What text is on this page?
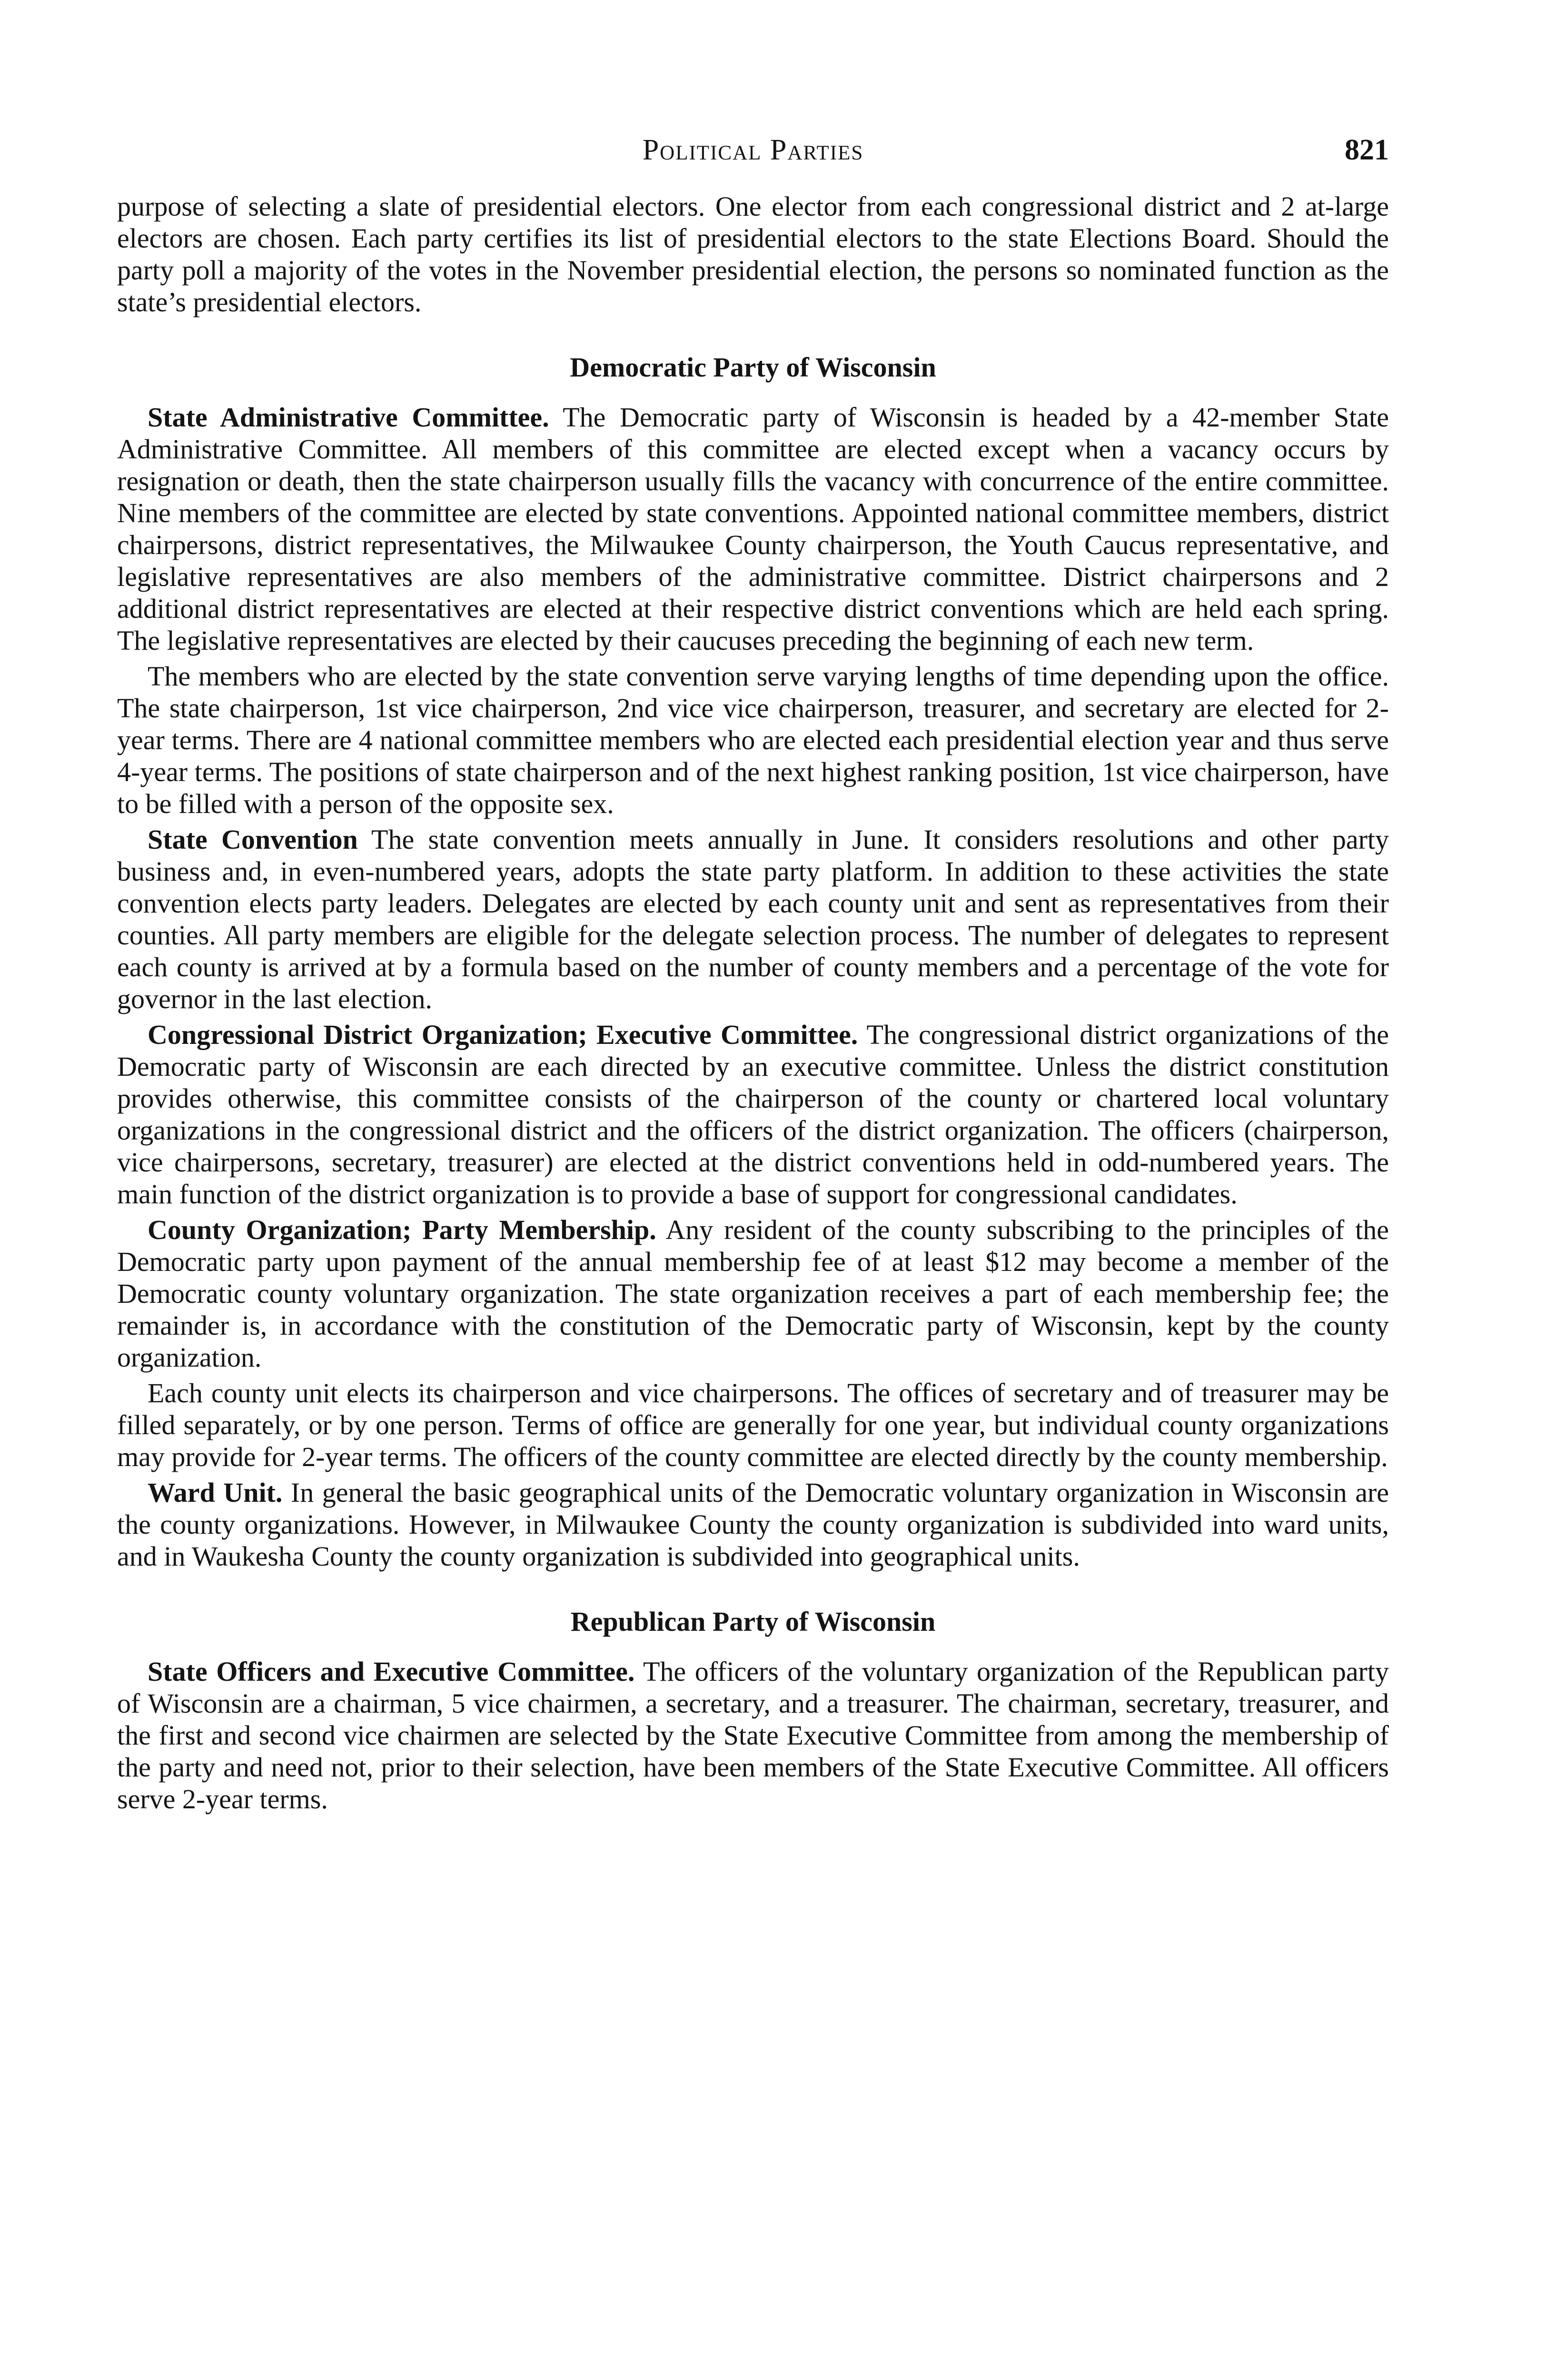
Political Parties	821

purpose of selecting a slate of presidential electors. One elector from each congressional district and 2 at-large electors are chosen. Each party certifies its list of presidential electors to the state Elections Board. Should the party poll a majority of the votes in the November presidential election, the persons so nominated function as the state’s presidential electors.

Democratic Party of Wisconsin

State Administrative Committee. The Democratic party of Wisconsin is headed by a 42-member State Administrative Committee. All members of this committee are elected except when a vacancy occurs by resignation or death, then the state chairperson usually fills the vacancy with concurrence of the entire committee. Nine members of the committee are elected by state conventions. Appointed national committee members, district chairpersons, district representatives, the Milwaukee County chairperson, the Youth Caucus representative, and legislative representatives are also members of the administrative committee. District chairpersons and 2 additional district representatives are elected at their respective district conventions which are held each spring. The legislative representatives are elected by their caucuses preceding the beginning of each new term.

The members who are elected by the state convention serve varying lengths of time depending upon the office. The state chairperson, 1st vice chairperson, 2nd vice vice chairperson, treasurer, and secretary are elected for 2-year terms. There are 4 national committee members who are elected each presidential election year and thus serve 4-year terms. The positions of state chairperson and of the next highest ranking position, 1st vice chairperson, have to be filled with a person of the opposite sex.

State Convention The state convention meets annually in June. It considers resolutions and other party business and, in even-numbered years, adopts the state party platform. In addition to these activities the state convention elects party leaders. Delegates are elected by each county unit and sent as representatives from their counties. All party members are eligible for the delegate selection process. The number of delegates to represent each county is arrived at by a formula based on the number of county members and a percentage of the vote for governor in the last election.

Congressional District Organization; Executive Committee. The congressional district organizations of the Democratic party of Wisconsin are each directed by an executive committee. Unless the district constitution provides otherwise, this committee consists of the chairperson of the county or chartered local voluntary organizations in the congressional district and the officers of the district organization. The officers (chairperson, vice chairpersons, secretary, treasurer) are elected at the district conventions held in odd-numbered years. The main function of the district organization is to provide a base of support for congressional candidates.

County Organization; Party Membership. Any resident of the county subscribing to the principles of the Democratic party upon payment of the annual membership fee of at least $12 may become a member of the Democratic county voluntary organization. The state organization receives a part of each membership fee; the remainder is, in accordance with the constitution of the Democratic party of Wisconsin, kept by the county organization.

Each county unit elects its chairperson and vice chairpersons. The offices of secretary and of treasurer may be filled separately, or by one person. Terms of office are generally for one year, but individual county organizations may provide for 2-year terms. The officers of the county committee are elected directly by the county membership.

Ward Unit. In general the basic geographical units of the Democratic voluntary organization in Wisconsin are the county organizations. However, in Milwaukee County the county organization is subdivided into ward units, and in Waukesha County the county organization is subdivided into geographical units.

Republican Party of Wisconsin

State Officers and Executive Committee. The officers of the voluntary organization of the Republican party of Wisconsin are a chairman, 5 vice chairmen, a secretary, and a treasurer. The chairman, secretary, treasurer, and the first and second vice chairmen are selected by the State Executive Committee from among the membership of the party and need not, prior to their selection, have been members of the State Executive Committee. All officers serve 2-year terms.
